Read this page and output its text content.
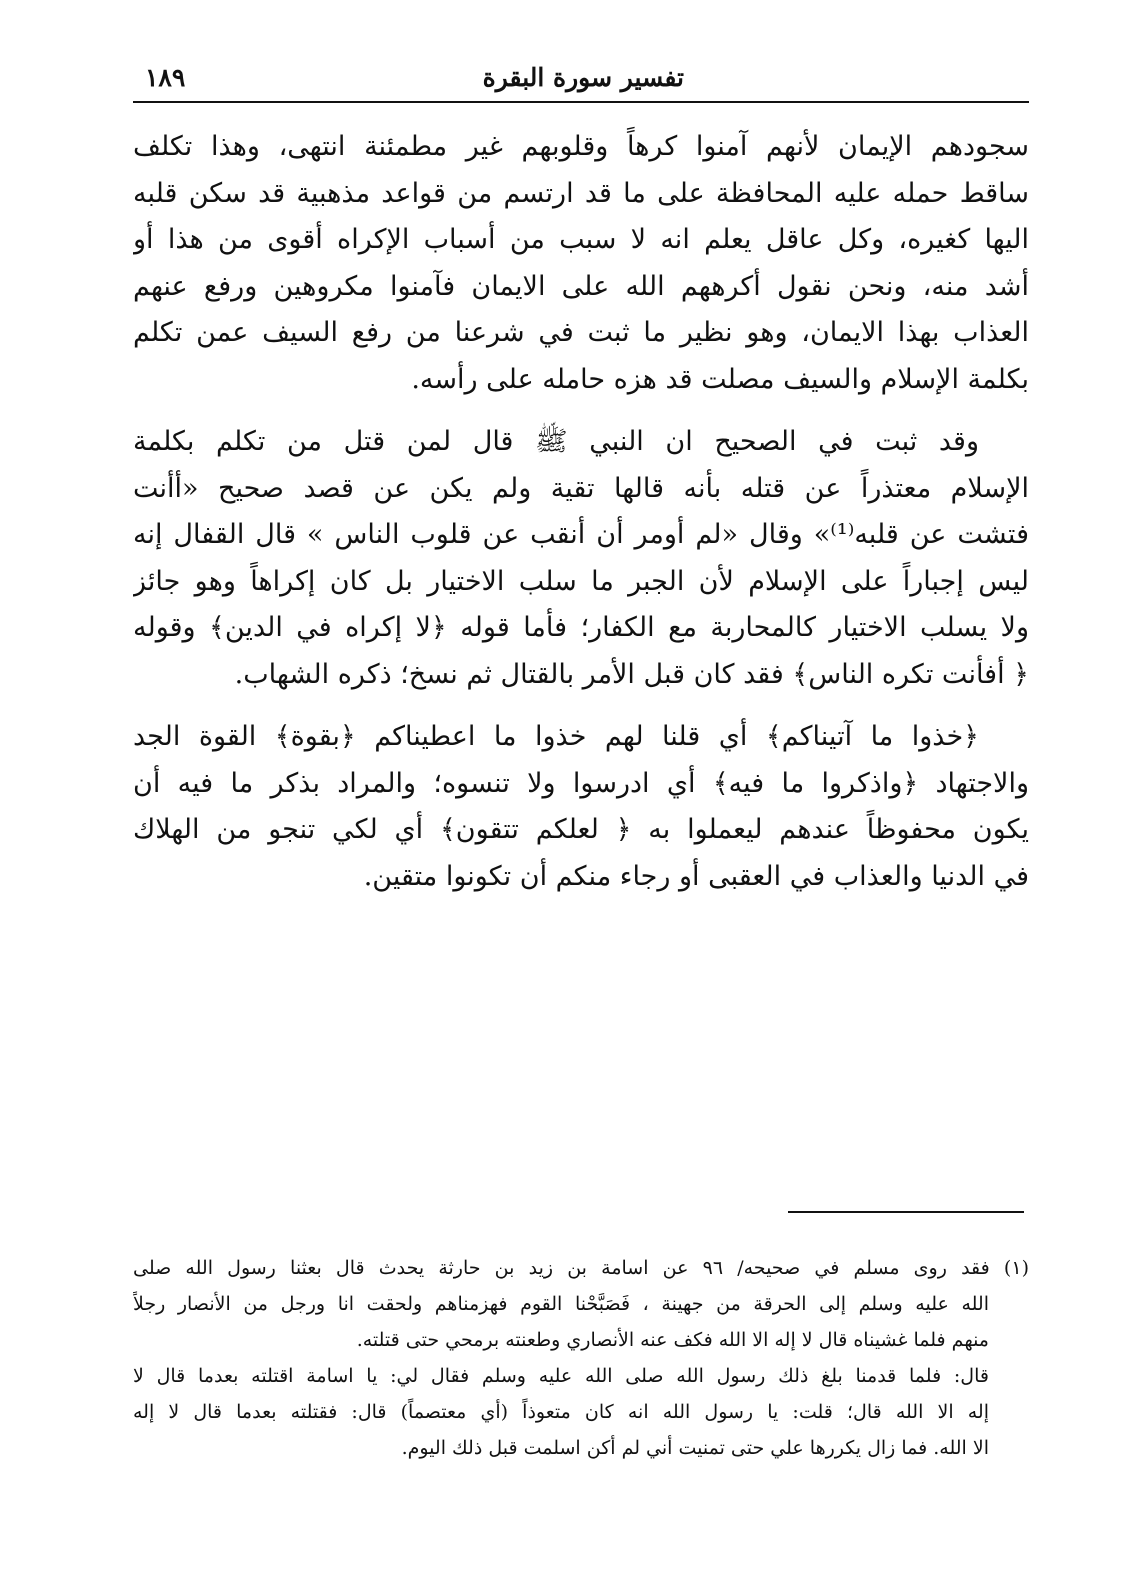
تفسير سورة البقرة
١٨٩

سجودهم الإيمان لأنهم آمنوا كرهاً وقلوبهم غير مطمئنة انتهى، وهذا تكلف
ساقط حمله عليه المحافظة على ما قد ارتسم من قواعد مذهبية قد سكن قلبه
اليها كغيره، وكل عاقل يعلم انه لا سبب من أسباب الإكراه أقوى من هذا أو
أشد منه، ونحن نقول أكرههم الله على الايمان فآمنوا مكروهين ورفع عنهم
العذاب بهذا الايمان، وهو نظير ما ثبت في شرعنا من رفع السيف عمن تكلم
بكلمة الإسلام والسيف مصلت قد هزه حامله على رأسه.

وقد ثبت في الصحيح ان النبي ﷺ قال لمن قتل من تكلم بكلمة
الإسلام معتذراً عن قتله بأنه قالها تقية ولم يكن عن قصد صحيح «أأنت
فتشت عن قلبه⁽¹⁾» وقال «لم أومر أن أنقب عن قلوب الناس » قال القفال إنه
ليس إجباراً على الإسلام لأن الجبر ما سلب الاختيار بل كان إكراهاً وهو جائز
ولا يسلب الاختيار كالمحاربة مع الكفار؛ فأما قوله ﴿لا إكراه في الدين﴾ وقوله
﴿ أفأنت تكره الناس﴾ فقد كان قبل الأمر بالقتال ثم نسخ؛ ذكره الشهاب.

﴿خذوا ما آتيناكم﴾ أي قلنا لهم خذوا ما اعطيناكم ﴿بقوة﴾ القوة الجد
والاجتهاد ﴿واذكروا ما فيه﴾ أي ادرسوا ولا تنسوه؛ والمراد بذكر ما فيه أن
يكون محفوظاً عندهم ليعملوا به ﴿ لعلكم تتقون﴾ أي لكي تنجو من الهلاك
في الدنيا والعذاب في العقبى أو رجاء منكم أن تكونوا متقين.

(١) فقد روى مسلم في صحيحه/ ٩٦ عن اسامة بن زيد بن حارثة يحدث قال بعثنا رسول الله صلى
الله عليه وسلم إلى الحرقة من جهينة ، فَصَبَّحْنا القوم فهزمناهم ولحقت انا ورجل من الأنصار رجلاً
منهم فلما غشيناه قال لا إله الا الله فكف عنه الأنصاري وطعنته برمحي حتى قتلته.
قال: فلما قدمنا بلغ ذلك رسول الله صلى الله عليه وسلم فقال لي: يا اسامة اقتلته بعدما قال لا
إله الا الله قال؛ قلت: يا رسول الله انه كان متعوذاً (أي معتصماً) قال: فقتلته بعدما قال لا إله
الا الله. فما زال يكررها علي حتى تمنيت أني لم أكن اسلمت قبل ذلك اليوم.
